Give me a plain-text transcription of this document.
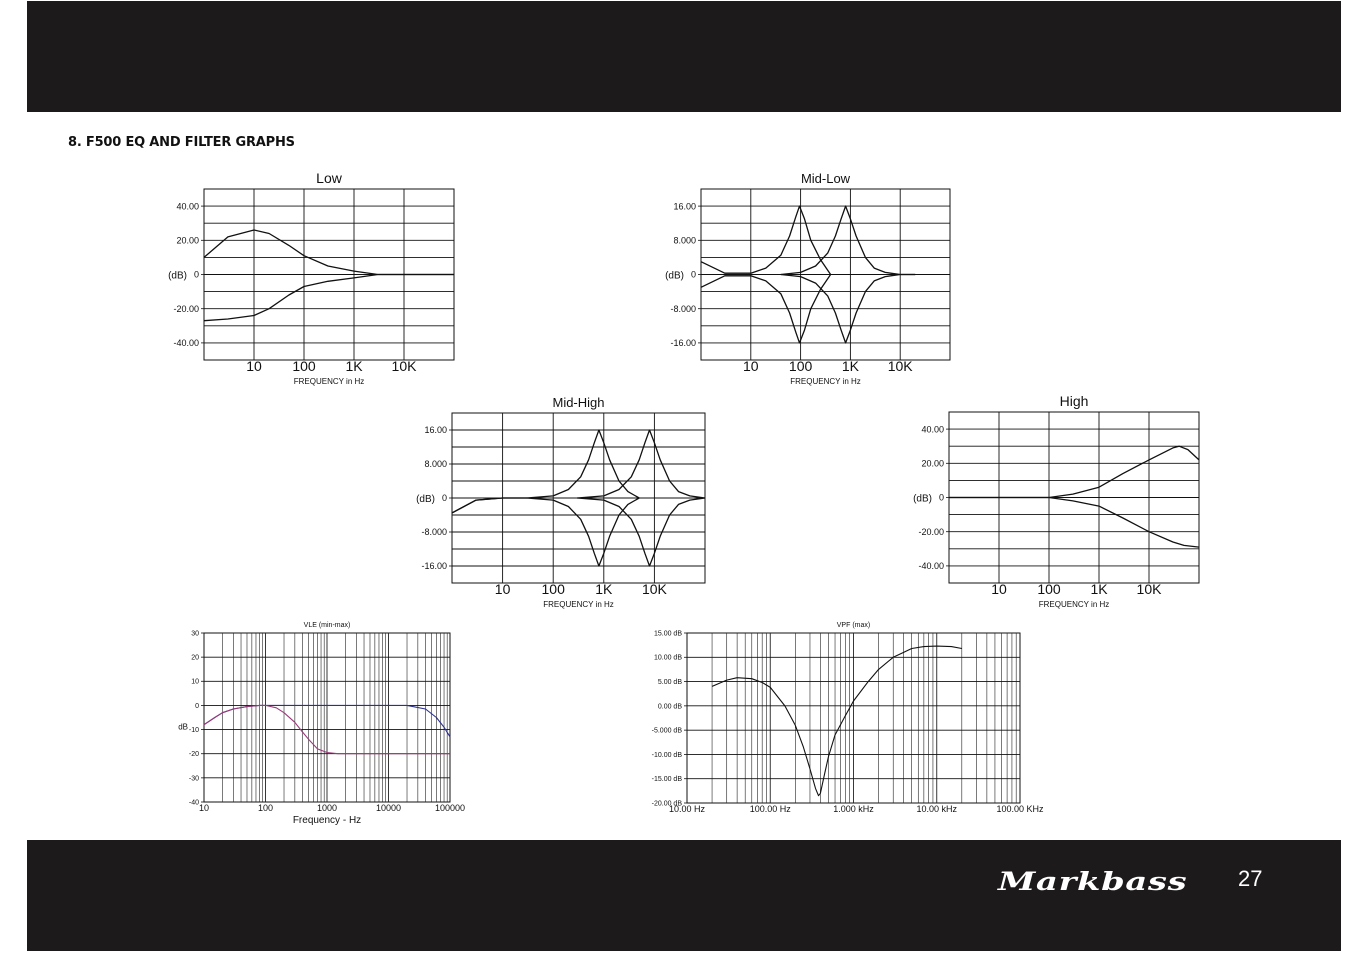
8. F500 EQ AND FILTER GRAPHS
Low
40.00
20.00
0
-20.00
-40.00
(dB)
10 100 1K 10K
FREQUENCY in Hz
Mid-Low
16.00
8.000
0
-8.000
-16.00
(dB)
10 100 1K 10K
FREQUENCY in Hz
Mid-High
16.00
8.000
0
-8.000
-16.00
(dB)
10 100 1K 10K
FREQUENCY in Hz
High
40.00
20.00
0
-20.00
-40.00
(dB)
10 100 1K 10K
FREQUENCY in Hz
VLE (min-max)
30
20
10
0
-10
-20
-30
-40
dB
10	100	1000	10000	100000
Frequency - Hz
VPF (max)
15.00 dB
10.00 dB
5.00 dB
0.00 dB
-5.000 dB
-10.00 dB
-15.00 dB
-20.00 dB
10.00 Hz	100.00 Hz	1.000 kHz	10.00 kHz	100.00 KHz
Markbass 27
